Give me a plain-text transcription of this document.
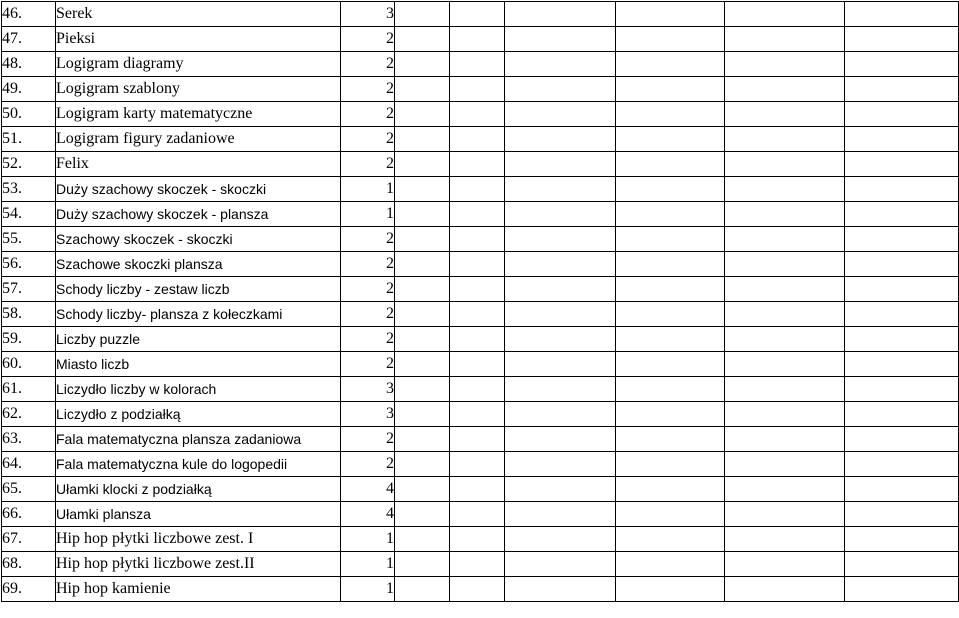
46.	Serek	3						
47.	Pieksi	2						
48.	Logigram diagramy	2						
49.	Logigram szablony	2						
50.	Logigram karty matematyczne	2						
51.	Logigram figury zadaniowe	2						
52.	Felix	2						
53.	Duży szachowy skoczek - skoczki	1						
54.	Duży szachowy skoczek - plansza	1						
55.	Szachowy skoczek - skoczki	2						
56.	Szachowe skoczki plansza	2						
57.	Schody liczby - zestaw liczb	2						
58.	Schody liczby- plansza z kołeczkami	2						
59.	Liczby puzzle	2						
60.	Miasto liczb	2						
61.	Liczydło liczby w kolorach	3						
62.	Liczydło z podziałką	3						
63.	Fala matematyczna plansza zadaniowa	2						
64.	Fala matematyczna kule do logopedii	2						
65.	Ułamki klocki z podziałką	4						
66.	Ułamki plansza	4						
67.	Hip hop płytki liczbowe zest. I	1						
68.	Hip hop płytki liczbowe zest.II	1						
69.	Hip hop kamienie	1						
